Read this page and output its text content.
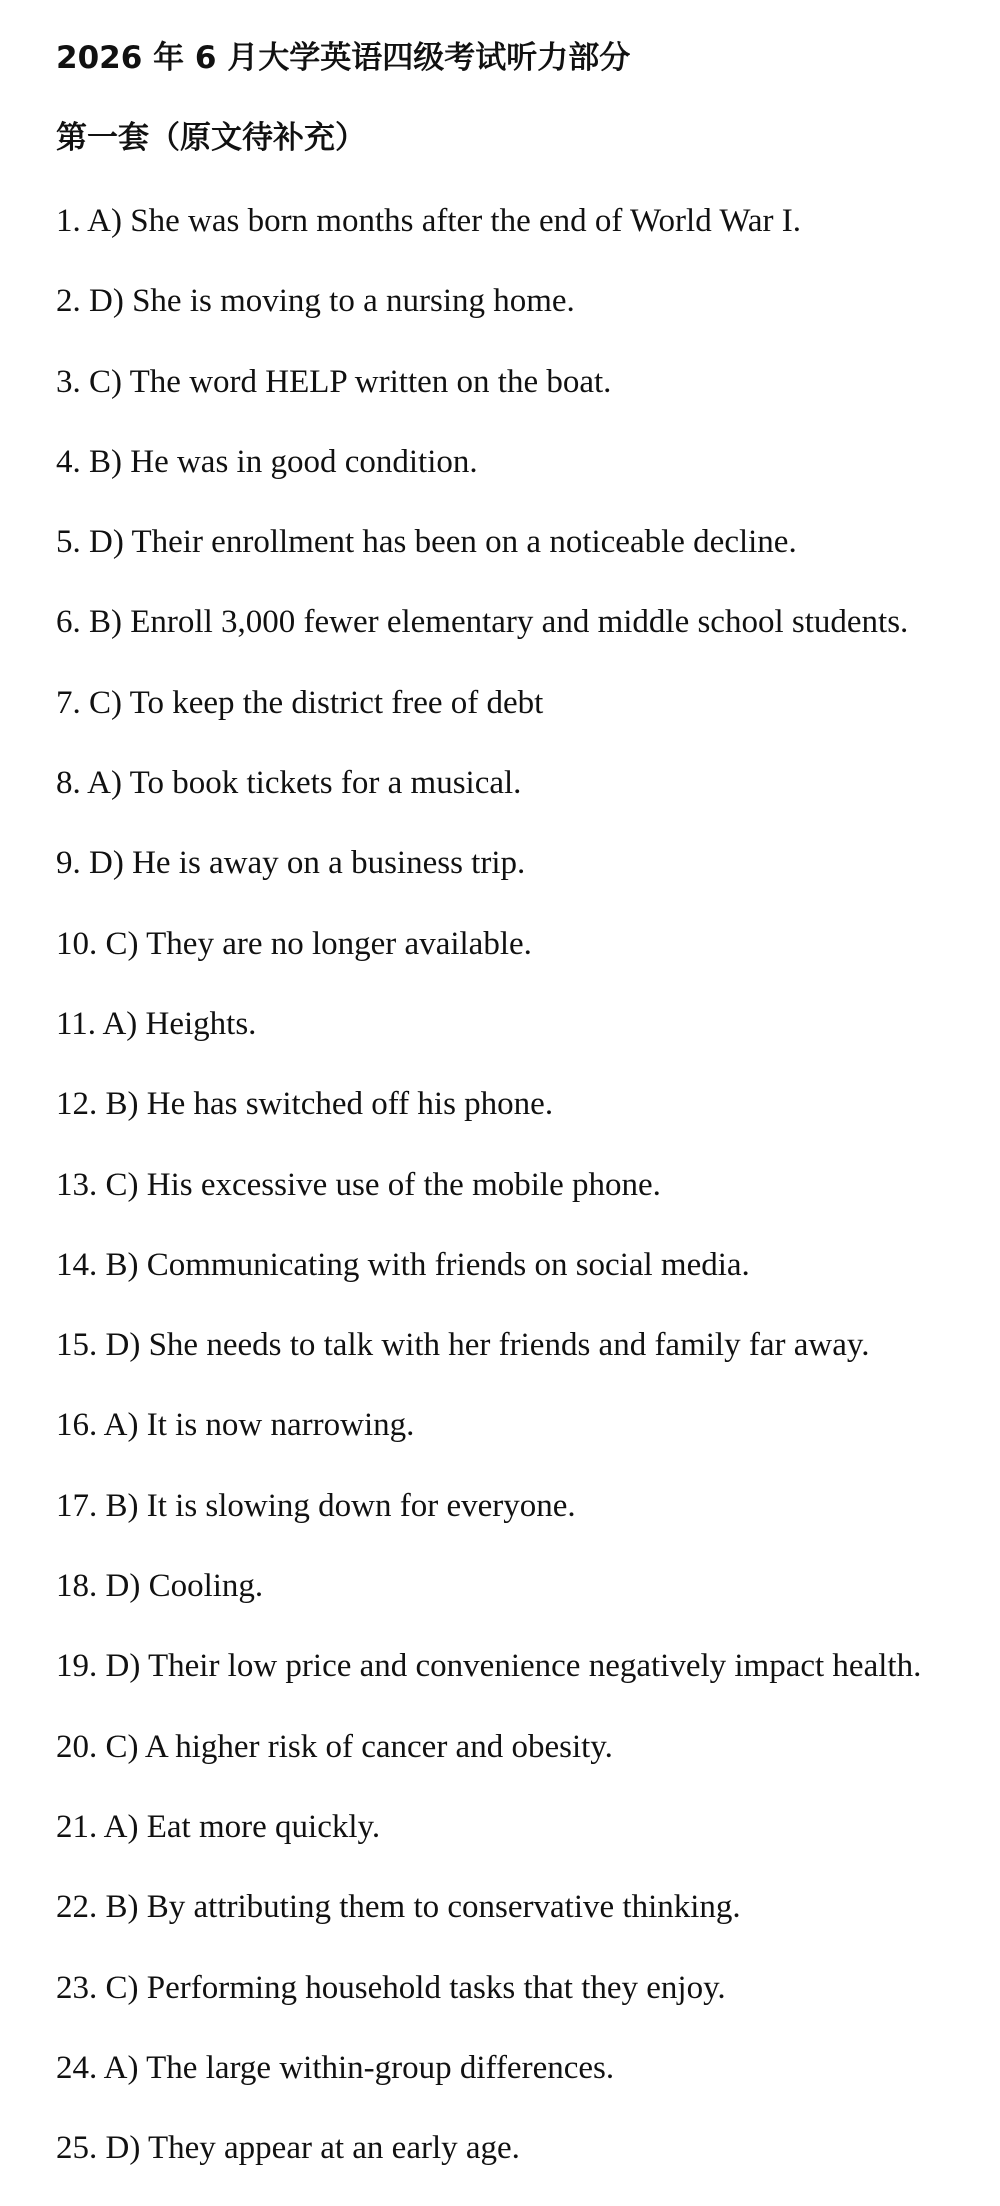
2026 年 6 月大学英语四级考试听力部分
第一套（原文待补充）
1. A) She was born months after the end of World War I.
2. D) She is moving to a nursing home.
3. C) The word HELP written on the boat.
4. B) He was in good condition.
5. D) Their enrollment has been on a noticeable decline.
6. B) Enroll 3,000 fewer elementary and middle school students.
7. C) To keep the district free of debt
8. A) To book tickets for a musical.
9. D) He is away on a business trip.
10. C) They are no longer available.
11. A) Heights.
12. B) He has switched off his phone.
13. C) His excessive use of the mobile phone.
14. B) Communicating with friends on social media.
15. D) She needs to talk with her friends and family far away.
16. A) It is now narrowing.
17. B) It is slowing down for everyone.
18. D) Cooling.
19. D) Their low price and convenience negatively impact health.
20. C) A higher risk of cancer and obesity.
21. A) Eat more quickly.
22. B) By attributing them to conservative thinking.
23. C) Performing household tasks that they enjoy.
24. A) The large within-group differences.
25. D) They appear at an early age.
